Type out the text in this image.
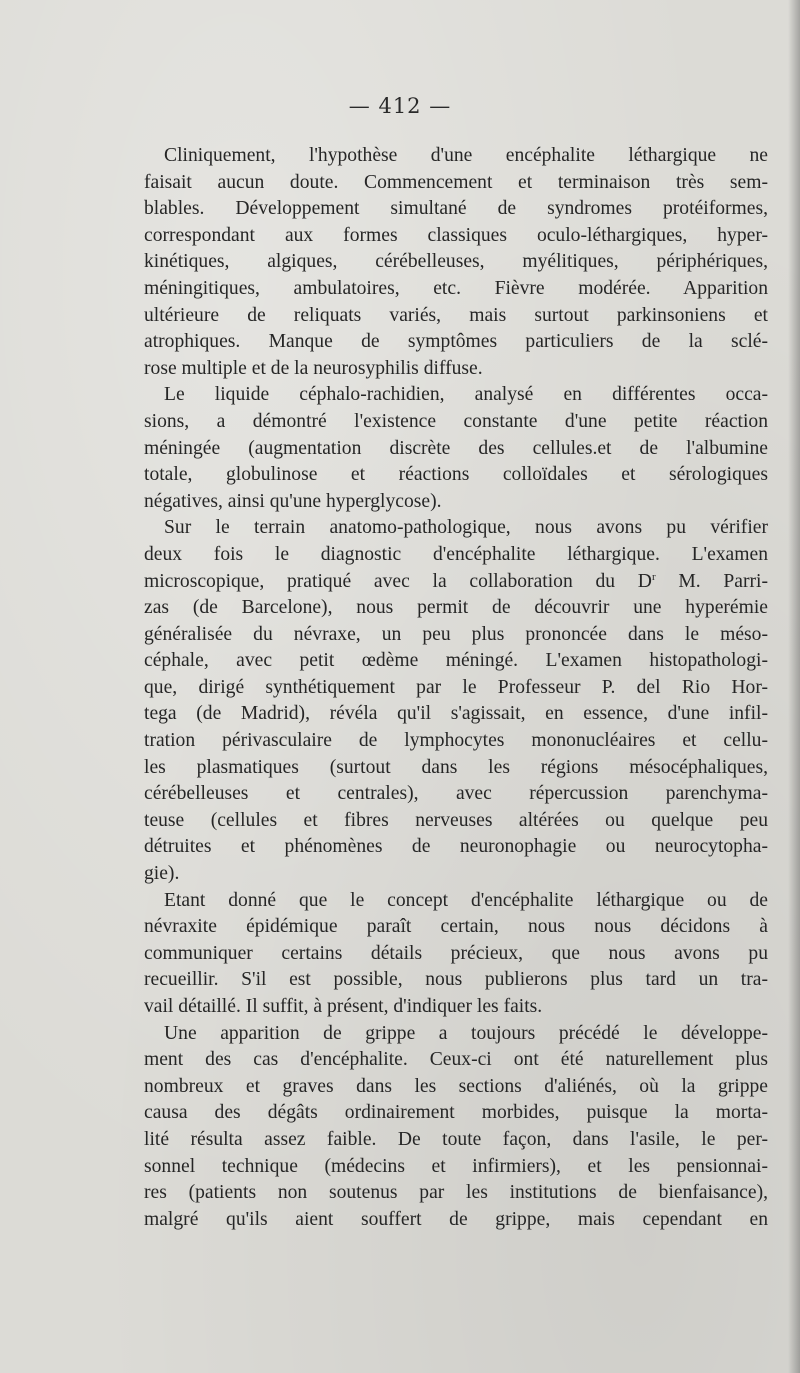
— 412 —
Cliniquement, l'hypothèse d'une encéphalite léthargique ne
faisait aucun doute. Commencement et terminaison très sem-
blables. Développement simultané de syndromes protéiformes,
correspondant aux formes classiques oculo-léthargiques, hyper-
kinétiques, algiques, cérébelleuses, myélitiques, périphériques,
méningitiques, ambulatoires, etc. Fièvre modérée. Apparition
ultérieure de reliquats variés, mais surtout parkinsoniens et
atrophiques. Manque de symptômes particuliers de la sclé-
rose multiple et de la neurosyphilis diffuse.
Le liquide céphalo-rachidien, analysé en différentes occa-
sions, a démontré l'existence constante d'une petite réaction
méningée (augmentation discrète des cellules.et de l'albumine
totale, globulinose et réactions colloïdales et sérologiques
négatives, ainsi qu'une hyperglycose).
Sur le terrain anatomo-pathologique, nous avons pu vérifier
deux fois le diagnostic d'encéphalite léthargique. L'examen
microscopique, pratiqué avec la collaboration du $D^r$ M. Parri-
zas (de Barcelone), nous permit de découvrir une hyperémie
généralisée du névraxe, un peu plus prononcée dans le méso-
céphale, avec petit œdème méningé. L'examen histopathologi-
que, dirigé synthétiquement par le Professeur P. del Rio Hor-
tega (de Madrid), révéla qu'il s'agissait, en essence, d'une infil-
tration périvasculaire de lymphocytes mononucléaires et cellu-
les plasmatiques (surtout dans les régions mésocéphaliques,
cérébelleuses et centrales), avec répercussion parenchyma-
teuse (cellules et fibres nerveuses altérées ou quelque peu
détruites et phénomènes de neuronophagie ou neurocytopha-
gie).
Etant donné que le concept d'encéphalite léthargique ou de
névraxite épidémique paraît certain, nous nous décidons à
communiquer certains détails précieux, que nous avons pu
recueillir. S'il est possible, nous publierons plus tard un tra-
vail détaillé. Il suffit, à présent, d'indiquer les faits.
Une apparition de grippe a toujours précédé le développe-
ment des cas d'encéphalite. Ceux-ci ont été naturellement plus
nombreux et graves dans les sections d'aliénés, où la grippe
causa des dégâts ordinairement morbides, puisque la morta-
lité résulta assez faible. De toute façon, dans l'asile, le per-
sonnel technique (médecins et infirmiers), et les pensionnai-
res (patients non soutenus par les institutions de bienfaisance),
malgré qu'ils aient souffert de grippe, mais cependant en
